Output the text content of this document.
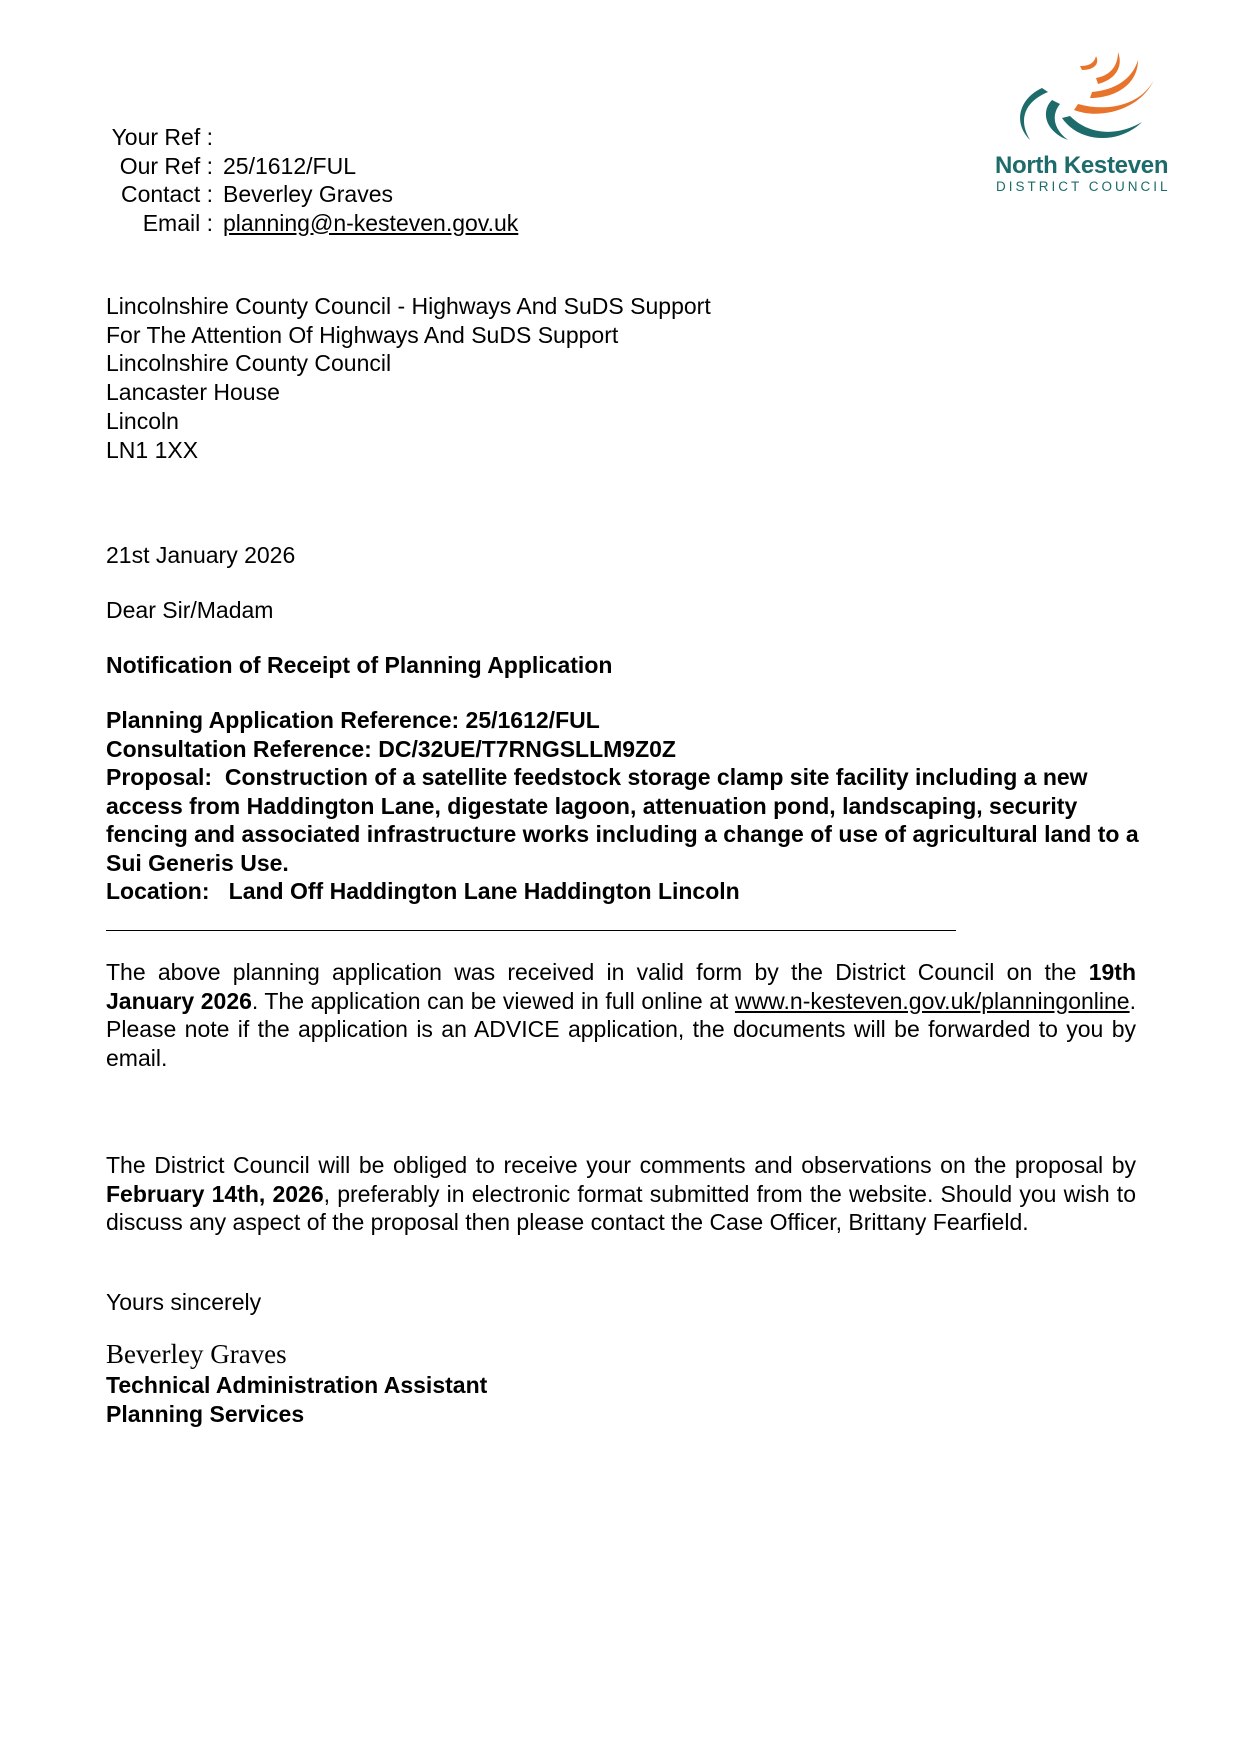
Your Ref :
Our Ref : 25/1612/FUL
Contact : Beverley Graves
Email : planning@n-kesteven.gov.uk
North Kesteven
DISTRICT COUNCIL
Lincolnshire County Council - Highways And SuDS Support
For The Attention Of Highways And SuDS Support
Lincolnshire County Council
Lancaster House
Lincoln
LN1 1XX
21st January 2026
Dear Sir/Madam
Notification of Receipt of Planning Application
Planning Application Reference: 25/1612/FUL
Consultation Reference: DC/32UE/T7RNGSLLM9Z0Z
Proposal: Construction of a satellite feedstock storage clamp site facility including a new access from Haddington Lane, digestate lagoon, attenuation pond, landscaping, security fencing and associated infrastructure works including a change of use of agricultural land to a Sui Generis Use.
Location: Land Off Haddington Lane Haddington Lincoln
The above planning application was received in valid form by the District Council on the 19th January 2026. The application can be viewed in full online at www.n-kesteven.gov.uk/planningonline. Please note if the application is an ADVICE application, the documents will be forwarded to you by email.
The District Council will be obliged to receive your comments and observations on the proposal by February 14th, 2026, preferably in electronic format submitted from the website. Should you wish to discuss any aspect of the proposal then please contact the Case Officer, Brittany Fearfield.
Yours sincerely
Beverley Graves
Technical Administration Assistant
Planning Services
